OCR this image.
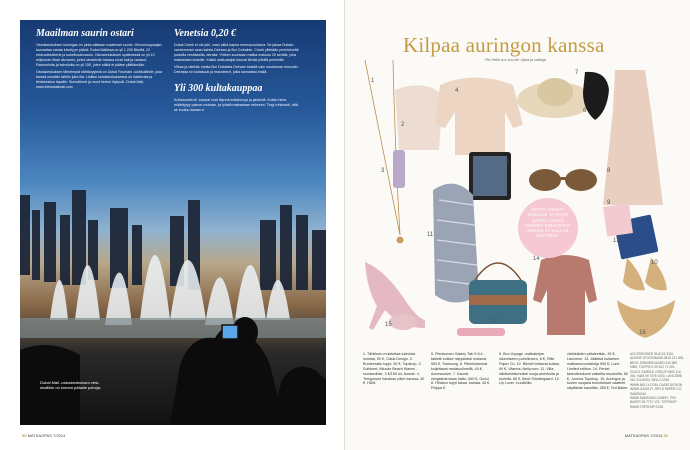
Maailman saurin ostari

Ostoskeskuksen kuningas on pinta-alaltaan maailman suurin. Himoshoppaajan kannattaa varata kävelyyn päiviä: Dubai Mallissa on yli 1 200 liikettä, 22 elokuvateatteria ja sukellusakvaario. Ostoskeskuksen sydämessä on yli 10 miljoonan litran akvaario, jonka lasiseinän takana uivat hait ja rauskut. Ravintoloita ja kahviloita on yli 150, joten nälkä ei pääse yllättämään.

Ostoskeskuksen tärkeimpiä nähtävyyksiä on Dubai Fountain -suihkulähde, joka tanssii musiikin tahtiin joka ilta. Lisäksi ostoskeskuksessa on luistinrata ja tiedekeskus lapsille. Sumuttimet ja muut herkut löytyvät. Dubai Mall, www.thedubaimall.com

Venetsia 0,20 €

Dubai Creek ei ole joki, vaan pitkä kapea merenpoukama. Se jakaa Dubain vanhemman osan kahtia Deiraan ja Bur Dubaihin. Creek ylitetään perinteisellä puisella vesitaksilla, abralla. Yhteen suuntaan matka maksuu 20 senttiä, joka maksetaan kuskille. Kaikki matkustajat istuvat tiiviisti pitkillä penkeillä.

Vilkas ja värikäs matka Bur Dubaista Deiraan kestää vain muutaman minuutin. Deirassa on kultasuuk ja maustetori, joilla kannattaa tinkiä.

Yli 300 kultakauppaa

Kultasuukki eli -kaupat ovat täynnä kultakoruja ja jalokiviä. Kullan hinta määräytyy painon mukaan, ja työstä maksetaan erikseen. Tingi rohkeasti, sillä se kuuluu asiaan ♦

Dubai Mall -ostoskeskuksen vesi-shallikin on komea pääalle pahoja.
90 MATKAOPAS 7/2014
Kilpaa auringon kanssa
Piu Hello a:a vuo Ari Ojala ja valitoja
1
2
3
4
5
6
7
8
9
10
11
12
13
14
15
16

NOSTA ARKKAT NÄKÄLLE JA HAUTI SANTA-LOMAN VERMET KIMALTAVAT HIEKAN JA KULLAN SÄVYISSÄ.

1. Tähtikoru muistuttaa tulevista lomista, 50 €, Oasis Design. 2. Brodeerattu toppi, 50 €, Topshop. 3. Suihkeet, Miracle Beach Waves -suolasuihke, 3 €/150 ml, Aussie. 4. Terrypuseri hauskan pärin kanssa, 40 €, H&M.
5. Pienkumen Galaxy Tab S 8.4 -tabletti kulkee näppärästi mukana, 500 €, Samsung. 6. Pitsiohokemat kuljettavat rantatuolimellä, 40 €, Accessorize. 7. Kaunis rengasharmaan hattu, 540 €, Gucci. 8. Hihaton toppi takaa, kantaa, 40 €, Filippa K.
9. Bon Voyage -matkakirjan lukemiseen puhelimeen, 8 €, Rifle Paper Co. 10. Bikinit hohtavat kultaa, 90 €, Vilanmu Nelly.com. 11. Villa-sikiäventatuhuikei suoja aurinkolta ja tuulelta, 80 €, Beck Söndergaard. 12. Lip Lover -huulikiilto
värikkäiden päiväretkiin, 26 €, Lancôme. 13. Jäätävä kultainen matkaneuvontakirja 590 €, Lumi Limited edition. 14. Pentel taskutietokone vaikeilla muodoilla, 80 €, Joonna Topshop. 15. Auringon ja tuulen suojana tunnetukset vaatteet näyttävän kauniilta, 280 €, Ted Baker.
ACCESSORIZE 09-6123 3110, AUSSIE STOCKMANN 0810 121 800, BECK SÖNDERGAARD 040 585 0985, FILIPPA K 09 612 71 401, GUCCI GARDLE GROUP 0800 110 300, H&M 09 7476 1000, LANCÔME 010 210 6000, NELLY.COM WWW.NELLY.COM, OASIS DESIGN WWW.OASIS.FI, RIFLE PAPER CO, SAMSUNG WWW.SAMSUNG.COM/FI, TED BAKER 09 7737 175, TOPSHOP WWW.TOPSHOP.COM
MATKAOPAS 7/2014 91
